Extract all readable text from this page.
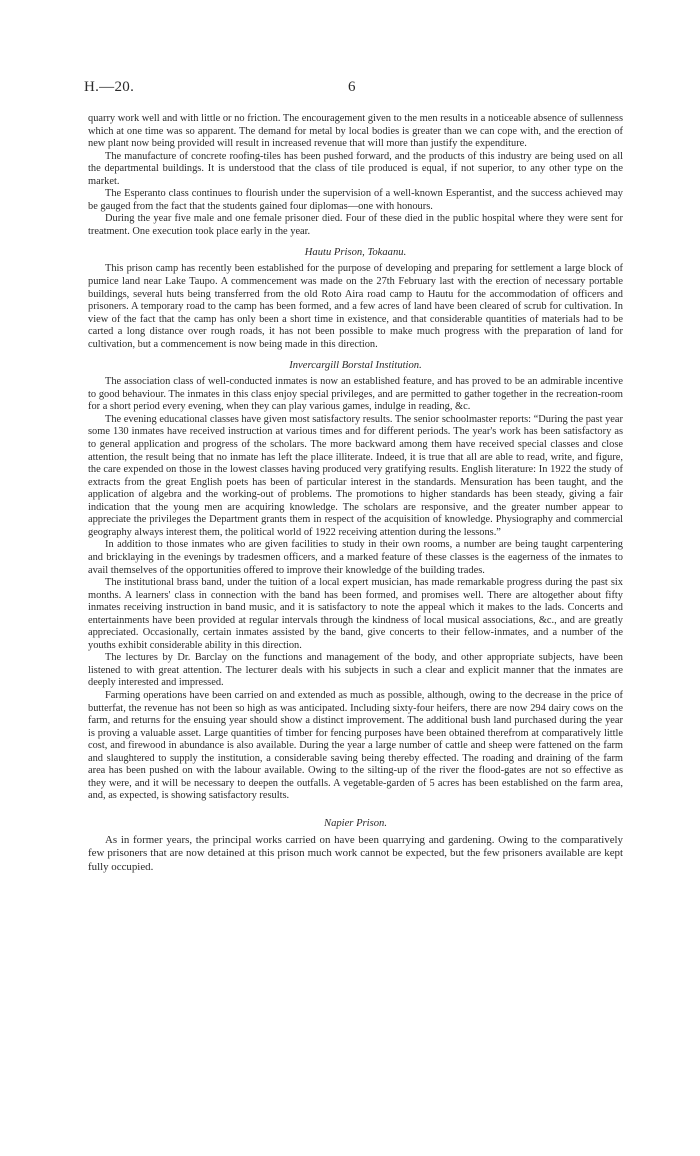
H.—20.	6

quarry work well and with little or no friction. The encouragement given to the men results in a noticeable absence of sullenness which at one time was so apparent. The demand for metal by local bodies is greater than we can cope with, and the erection of new plant now being provided will result in increased revenue that will more than justify the expenditure.

The manufacture of concrete roofing-tiles has been pushed forward, and the products of this industry are being used on all the departmental buildings. It is understood that the class of tile produced is equal, if not superior, to any other type on the market.

The Esperanto class continues to flourish under the supervision of a well-known Esperantist, and the success achieved may be gauged from the fact that the students gained four diplomas—one with honours.

During the year five male and one female prisoner died. Four of these died in the public hospital where they were sent for treatment. One execution took place early in the year.

Hautu Prison, Tokaanu.

This prison camp has recently been established for the purpose of developing and preparing for settlement a large block of pumice land near Lake Taupo. A commencement was made on the 27th February last with the erection of necessary portable buildings, several huts being transferred from the old Roto Aira road camp to Hautu for the accommodation of officers and prisoners. A temporary road to the camp has been formed, and a few acres of land have been cleared of scrub for cultivation. In view of the fact that the camp has only been a short time in existence, and that considerable quantities of materials had to be carted a long distance over rough roads, it has not been possible to make much progress with the preparation of land for cultivation, but a commencement is now being made in this direction.

Invercargill Borstal Institution.

The association class of well-conducted inmates is now an established feature, and has proved to be an admirable incentive to good behaviour. The inmates in this class enjoy special privileges, and are permitted to gather together in the recreation-room for a short period every evening, when they can play various games, indulge in reading, &c.

The evening educational classes have given most satisfactory results. The senior schoolmaster reports: “During the past year some 130 inmates have received instruction at various times and for different periods. The year's work has been satisfactory as to general application and progress of the scholars. The more backward among them have received special classes and close attention, the result being that no inmate has left the place illiterate. Indeed, it is true that all are able to read, write, and figure, the care expended on those in the lowest classes having produced very gratifying results. English literature: In 1922 the study of extracts from the great English poets has been of particular interest in the standards. Mensuration has been taught, and the application of algebra and the working-out of problems. The promotions to higher standards has been steady, giving a fair indication that the young men are acquiring knowledge. The scholars are responsive, and the greater number appear to appreciate the privileges the Department grants them in respect of the acquisition of knowledge. Physiography and commercial geography always interest them, the political world of 1922 receiving attention during the lessons.”

In addition to those inmates who are given facilities to study in their own rooms, a number are being taught carpentering and bricklaying in the evenings by tradesmen officers, and a marked feature of these classes is the eagerness of the inmates to avail themselves of the opportunities offered to improve their knowledge of the building trades.

The institutional brass band, under the tuition of a local expert musician, has made remarkable progress during the past six months. A learners' class in connection with the band has been formed, and promises well. There are altogether about fifty inmates receiving instruction in band music, and it is satisfactory to note the appeal which it makes to the lads. Concerts and entertainments have been provided at regular intervals through the kindness of local musical associations, &c., and are greatly appreciated. Occasionally, certain inmates assisted by the band, give concerts to their fellow-inmates, and a number of the youths exhibit considerable ability in this direction.

The lectures by Dr. Barclay on the functions and management of the body, and other appropriate subjects, have been listened to with great attention. The lecturer deals with his subjects in such a clear and explicit manner that the inmates are deeply interested and impressed.

Farming operations have been carried on and extended as much as possible, although, owing to the decrease in the price of butterfat, the revenue has not been so high as was anticipated. Including sixty-four heifers, there are now 294 dairy cows on the farm, and returns for the ensuing year should show a distinct improvement. The additional bush land purchased during the year is proving a valuable asset. Large quantities of timber for fencing purposes have been obtained therefrom at comparatively little cost, and firewood in abundance is also available. During the year a large number of cattle and sheep were fattened on the farm and slaughtered to supply the institution, a considerable saving being thereby effected. The roading and draining of the farm area has been pushed on with the labour available. Owing to the silting-up of the river the flood-gates are not so effective as they were, and it will be necessary to deepen the outfalls. A vegetable-garden of 5 acres has been established on the farm area, and, as expected, is showing satisfactory results.

Napier Prison.

As in former years, the principal works carried on have been quarrying and gardening. Owing to the comparatively few prisoners that are now detained at this prison much work cannot be expected, but the few prisoners available are kept fully occupied.
